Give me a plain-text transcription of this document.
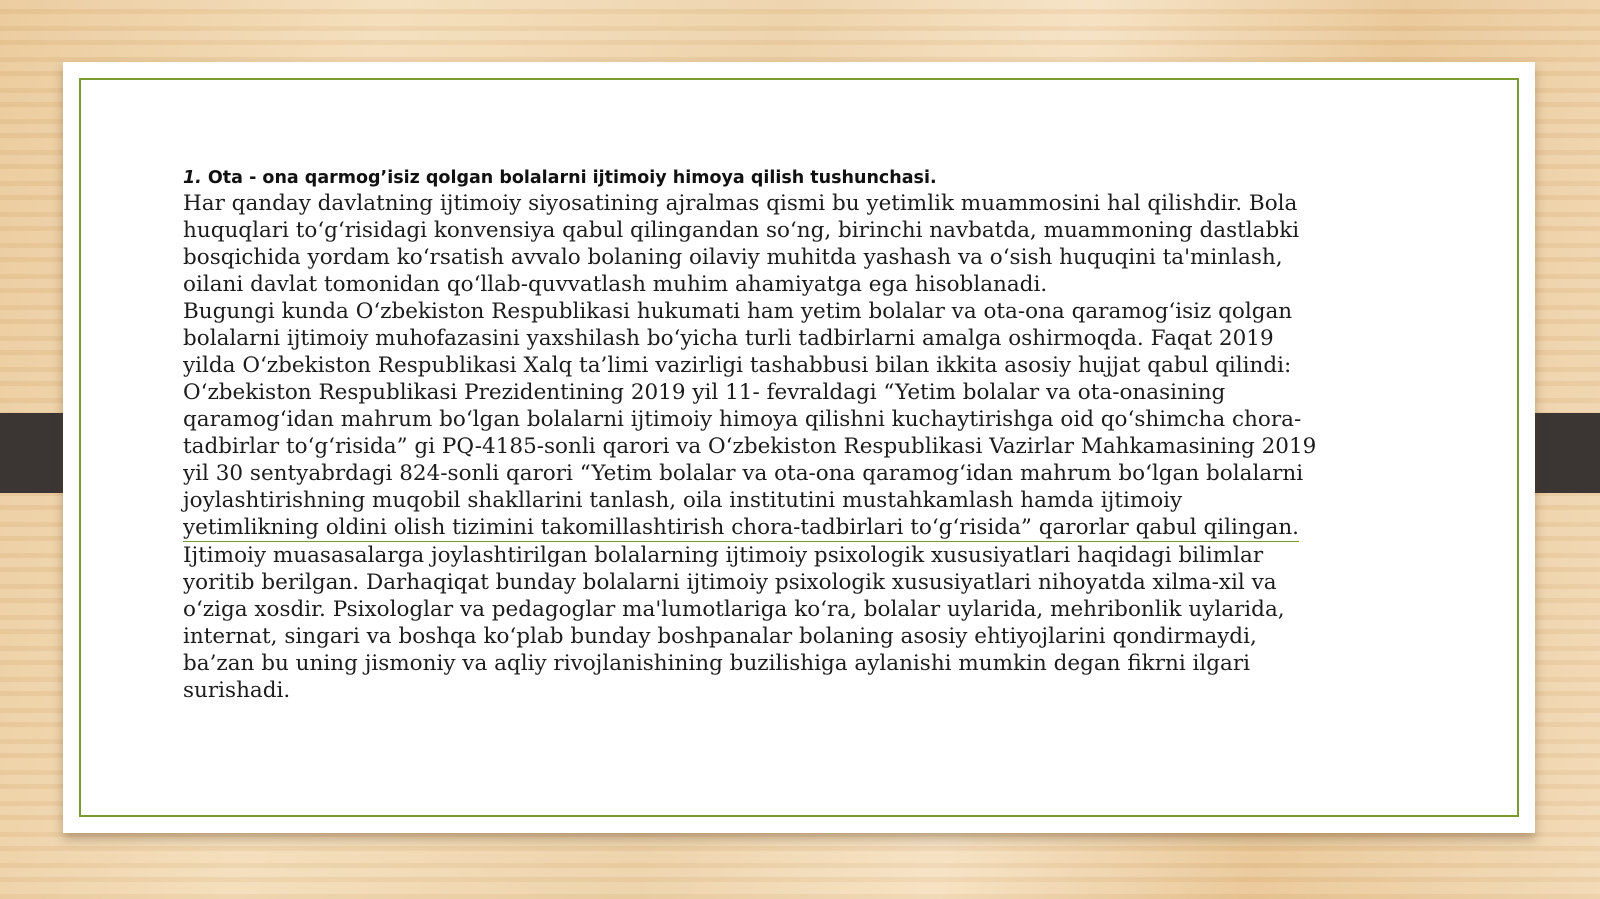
1. Ota - ona qarmog’isiz qolgan bolalarni ijtimoiy himoya qilish tushunchasi.

Har qanday davlatning ijtimoiy siyosatining ajralmas qismi bu yetimlik muammosini hal qilishdir. Bola
huquqlari to‘g‘risidagi konvensiya qabul qilingandan so‘ng, birinchi navbatda, muammoning dastlabki
bosqichida yordam ko‘rsatish avvalo bolaning oilaviy muhitda yashash va o‘sish huquqini ta'minlash,
oilani davlat tomonidan qo‘llab-quvvatlash muhim ahamiyatga ega hisoblanadi.
Bugungi kunda O‘zbekiston Respublikasi hukumati ham yetim bolalar va ota-ona qaramog‘isiz qolgan
bolalarni ijtimoiy muhofazasini yaxshilash bo‘yicha turli tadbirlarni amalga oshirmoqda. Faqat 2019
yilda O‘zbekiston Respublikasi Xalq ta’limi vazirligi tashabbusi bilan ikkita asosiy hujjat qabul qilindi:
O‘zbekiston Respublikasi Prezidentining 2019 yil 11- fevraldagi “Yetim bolalar va ota-onasining
qaramog‘idan mahrum bo‘lgan bolalarni ijtimoiy himoya qilishni kuchaytirishga oid qo‘shimcha chora-
tadbirlar to‘g‘risida” gi PQ-4185-sonli qarori va O‘zbekiston Respublikasi Vazirlar Mahkamasining 2019
yil 30 sentyabrdagi 824-sonli qarori “Yetim bolalar va ota-ona qaramog‘idan mahrum bo‘lgan bolalarni
joylashtirishning muqobil shakllarini tanlash, oila institutini mustahkamlash hamda ijtimoiy
yetimlikning oldini olish tizimini takomillashtirish chora-tadbirlari to‘g‘risida” qarorlar qabul qilingan.
Ijtimoiy muasasalarga joylashtirilgan bolalarning ijtimoiy psixologik xususiyatlari haqidagi bilimlar
yoritib berilgan. Darhaqiqat bunday bolalarni ijtimoiy psixologik xususiyatlari nihoyatda xilma-xil va
o‘ziga xosdir. Psixologlar va pedagoglar ma'lumotlariga ko‘ra, bolalar uylarida, mehribonlik uylarida,
internat, singari va boshqa ko‘plab bunday boshpanalar bolaning asosiy ehtiyojlarini qondirmaydi,
ba’zan bu uning jismoniy va aqliy rivojlanishining buzilishiga aylanishi mumkin degan fikrni ilgari
surishadi.
